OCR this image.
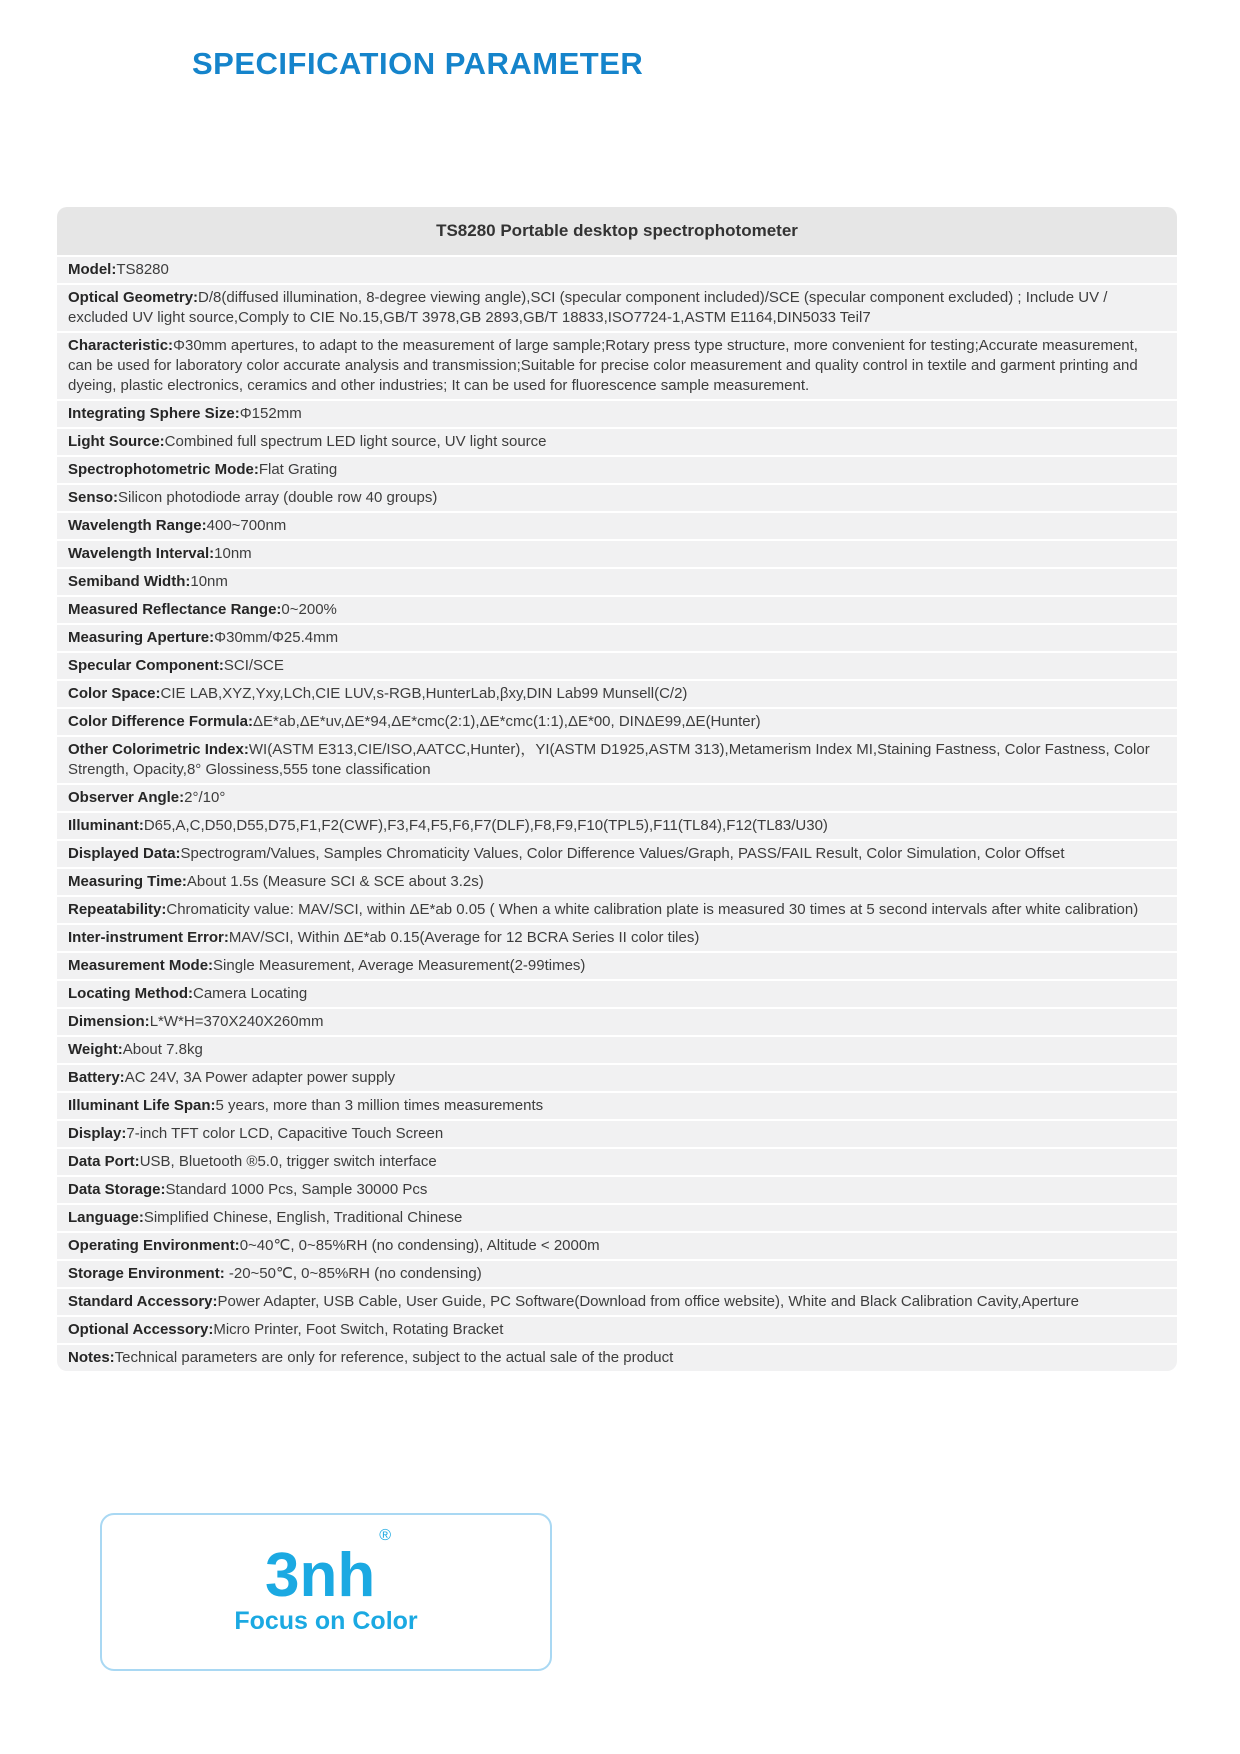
SPECIFICATION PARAMETER
TS8280 Portable desktop spectrophotometer
Model:TS8280
Optical Geometry:D/8(diffused illumination, 8-degree viewing angle),SCI (specular component included)/SCE (specular component excluded) ; Include UV / excluded UV light source,Comply to CIE No.15,GB/T 3978,GB 2893,GB/T 18833,ISO7724-1,ASTM E1164,DIN5033 Teil7
Characteristic:Φ30mm apertures, to adapt to the measurement of large sample;Rotary press type structure, more convenient for testing;Accurate measurement, can be used for laboratory color accurate analysis and transmission;Suitable for precise color measurement and quality control in textile and garment printing and dyeing, plastic electronics, ceramics and other industries; It can be used for fluorescence sample measurement.
Integrating Sphere Size:Φ152mm
Light Source:Combined full spectrum LED light source, UV light source
Spectrophotometric Mode:Flat Grating
Senso:Silicon photodiode array (double row 40 groups)
Wavelength Range:400~700nm
Wavelength Interval:10nm
Semiband Width:10nm
Measured Reflectance Range:0~200%
Measuring Aperture:Φ30mm/Φ25.4mm
Specular Component:SCI/SCE
Color Space:CIE LAB,XYZ,Yxy,LCh,CIE LUV,s-RGB,HunterLab,βxy,DIN Lab99 Munsell(C/2)
Color Difference Formula:ΔE*ab,ΔE*uv,ΔE*94,ΔE*cmc(2:1),ΔE*cmc(1:1),ΔE*00, DINΔE99,ΔE(Hunter)
Other Colorimetric Index:WI(ASTM E313,CIE/ISO,AATCC,Hunter)，YI(ASTM D1925,ASTM 313),Metamerism Index MI,Staining Fastness, Color Fastness, Color Strength, Opacity,8° Glossiness,555 tone classification
Observer Angle:2°/10°
Illuminant:D65,A,C,D50,D55,D75,F1,F2(CWF),F3,F4,F5,F6,F7(DLF),F8,F9,F10(TPL5),F11(TL84),F12(TL83/U30)
Displayed Data:Spectrogram/Values, Samples Chromaticity Values, Color Difference Values/Graph, PASS/FAIL Result, Color Simulation, Color Offset
Measuring Time:About 1.5s (Measure SCI & SCE about 3.2s)
Repeatability:Chromaticity value: MAV/SCI, within ΔE*ab 0.05 ( When a white calibration plate is measured 30 times at 5 second intervals after white calibration)
Inter-instrument Error:MAV/SCI, Within ΔE*ab 0.15(Average for 12 BCRA Series II color tiles)
Measurement Mode:Single Measurement, Average Measurement(2-99times)
Locating Method:Camera Locating
Dimension:L*W*H=370X240X260mm
Weight:About 7.8kg
Battery:AC 24V, 3A Power adapter power supply
Illuminant Life Span:5 years, more than 3 million times measurements
Display:7-inch TFT color LCD, Capacitive Touch Screen
Data Port:USB, Bluetooth ®5.0, trigger switch interface
Data Storage:Standard 1000 Pcs, Sample 30000 Pcs
Language:Simplified Chinese, English, Traditional Chinese
Operating Environment:0~40℃, 0~85%RH (no condensing), Altitude < 2000m
Storage Environment: -20~50℃, 0~85%RH (no condensing)
Standard Accessory:Power Adapter, USB Cable, User Guide, PC Software(Download from office website), White and Black Calibration Cavity,Aperture
Optional Accessory:Micro Printer, Foot Switch, Rotating Bracket
Notes:Technical parameters are only for reference, subject to the actual sale of the product
3nh®
Focus on Color
